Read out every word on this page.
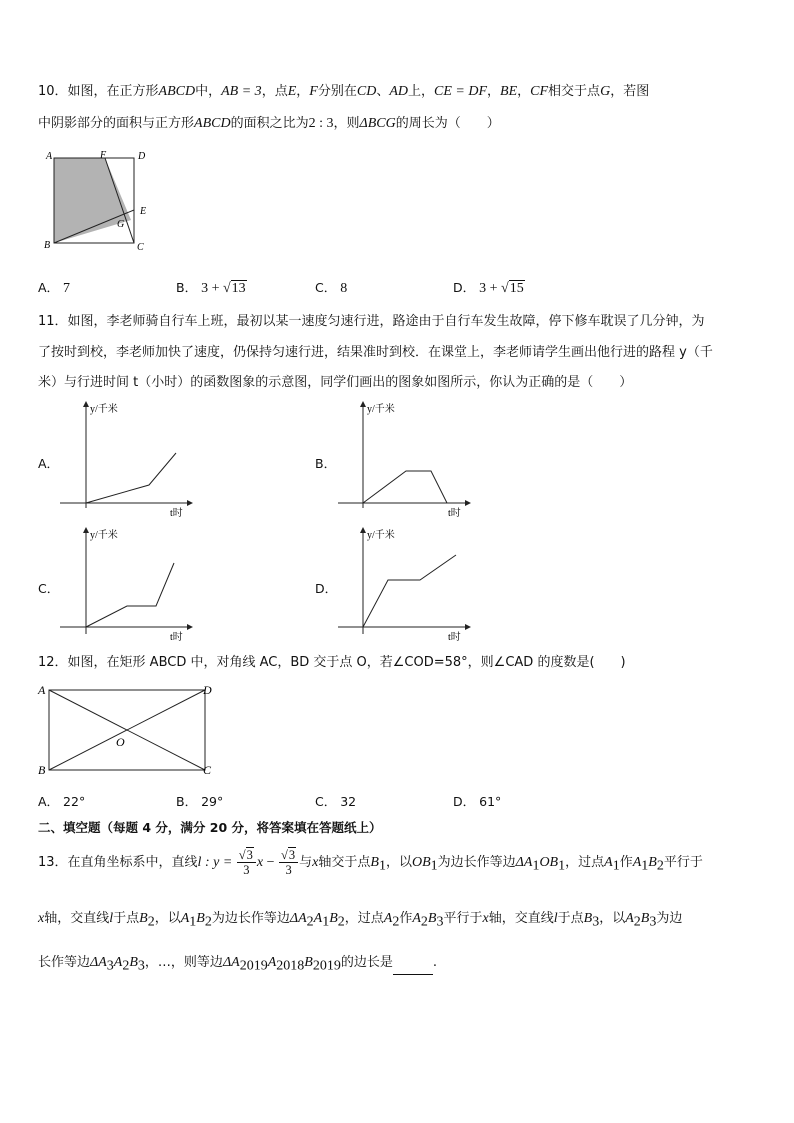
10．如图，在正方形ABCD中，AB = 3，点E，F分别在CD、AD上，CE = DF，BE，CF相交于点G，若图
中阴影部分的面积与正方形ABCD的面积之比为2 : 3，则ΔBCG的周长为（　　）
A	F	D
E
G
B	C
A． 7	B． 3 + √13	C． 8	D． 3 + √15
11．如图，李老师骑自行车上班，最初以某一速度匀速行进，路途由于自行车发生故障，停下修车耽误了几分钟，为
了按时到校，李老师加快了速度，仍保持匀速行进，结果准时到校．在课堂上，李老师请学生画出他行进的路程 y（千
米）与行进时间 t（小时）的函数图象的示意图，同学们画出的图象如图所示，你认为正确的是（　　）
A．
y/千米
t时
B．
y/千米
t时
C．
y/千米
t时
D．
y/千米
t时
12．如图，在矩形 ABCD 中，对角线 AC，BD 交于点 O，若∠COD=58°，则∠CAD 的度数是(　　)
A	D
O
B	C
A． 22°	B． 29°	C． 32	D． 61°
二、填空题（每题 4 分，满分 20 分，将答案填在答题纸上）
13．在直角坐标系中，直线l : $y = \frac{√3}{3}$ $x - \frac{√3}{3}$ 与x轴交于点$B_1$，以$OB_1$为边长作等边$\Delta A_1OB_1$，过点$A_1$作$A_1B_2$平行于
x轴，交直线l于点$B_2$，以$A_1B_2$为边长作等边$\Delta A_2A_1B_2$，过点$A_2$作$A_2B_3$平行于x轴，交直线l于点$B_3$，以$A_2B_3$为边
长作等边$\Delta A_3A_2B_3$，…，则等边$\Delta A_{2019}A_{2018}B_{2019}$的边长是	.
